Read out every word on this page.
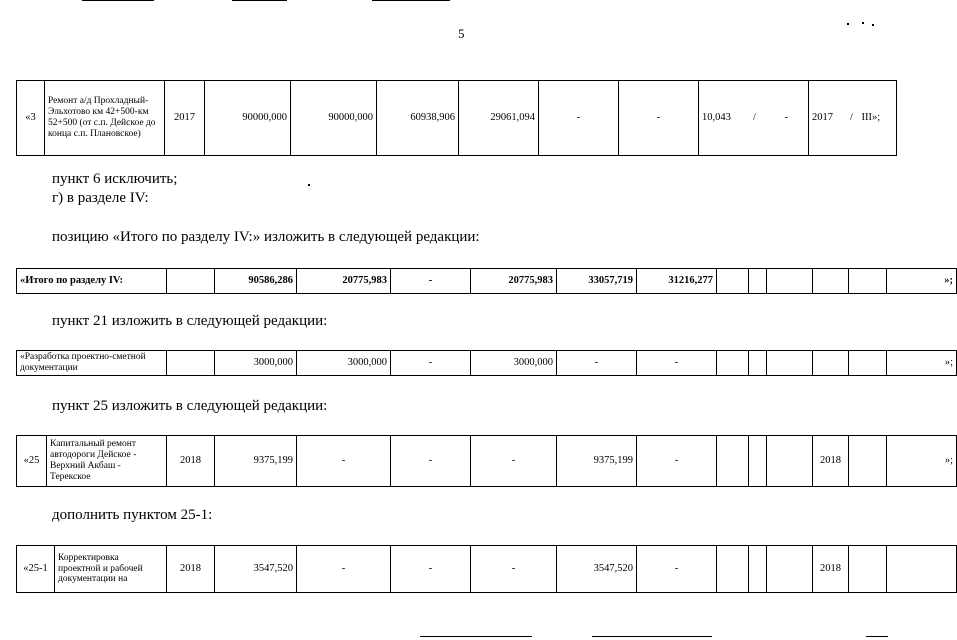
5
«3	Ремонт а/д Прохладный-Эльхотово км 42+500-км 52+500 (от с.п. Дейское до конца с.п. Плановское)	2017	90000,000	90000,000	60938,906	29061,094	-	-	10,043	/	-	2017	/	III»;
пункт 6 исключить;
г) в разделе IV:
позицию «Итого по разделу IV:» изложить в следующей редакции:
«Итого по разделу IV:		90586,286	20775,983	-	20775,983	33057,719	31216,277						»;
пункт 21 изложить в следующей редакции:
«Разработка проектно-сметной документации		3000,000	3000,000	-	3000,000	-	-						»;
пункт 25 изложить в следующей редакции:
«25	Капитальный ремонт автодороги Дейское - Верхний Акбаш - Терекское	2018	9375,199	-	-	-	9375,199	-				2018		»;
дополнить пунктом 25-1:
«25-1	Корректировка проектной и рабочей документации на	2018	3547,520	-	-	-	3547,520	-				2018		
